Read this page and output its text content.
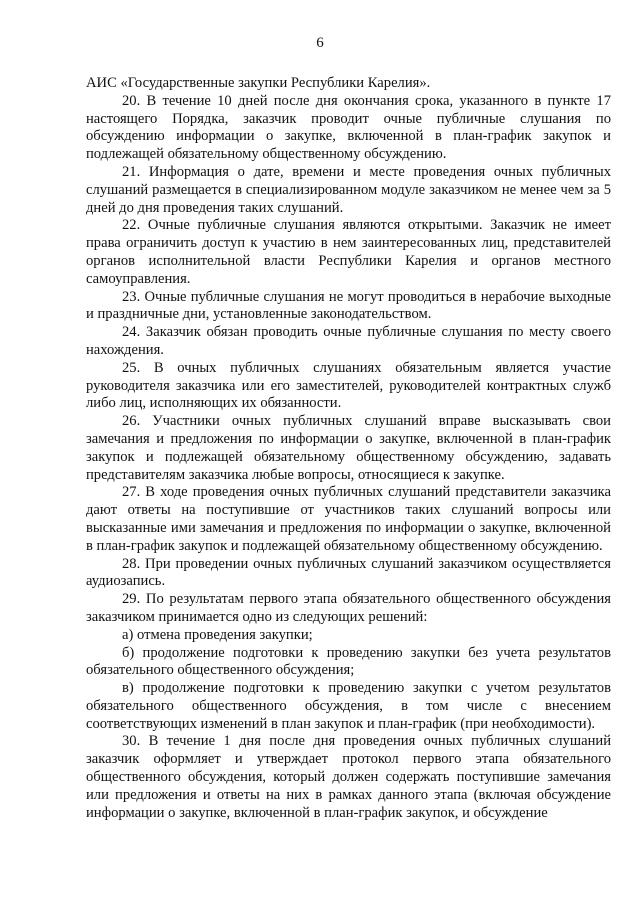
6

АИС «Государственные закупки Республики Карелия».

20. В течение 10 дней после дня окончания срока, указанного в пункте 17 настоящего Порядка, заказчик проводит очные публичные слушания по обсуждению информации о закупке, включенной в план-график закупок и подлежащей обязательному общественному обсуждению.

21. Информация о дате, времени и месте проведения очных публичных слушаний размещается в специализированном модуле заказчиком не менее чем за 5 дней до дня проведения таких слушаний.

22. Очные публичные слушания являются открытыми. Заказчик не имеет права ограничить доступ к участию в нем заинтересованных лиц, представителей органов исполнительной власти Республики Карелия и органов местного самоуправления.

23. Очные публичные слушания не могут проводиться в нерабочие выходные и праздничные дни, установленные законодательством.

24. Заказчик обязан проводить очные публичные слушания по месту своего нахождения.

25. В очных публичных слушаниях обязательным является участие руководителя заказчика или его заместителей, руководителей контрактных служб либо лиц, исполняющих их обязанности.

26. Участники очных публичных слушаний вправе высказывать свои замечания и предложения по информации о закупке, включенной в план-график закупок и подлежащей обязательному общественному обсуждению, задавать представителям заказчика любые вопросы, относящиеся к закупке.

27. В ходе проведения очных публичных слушаний представители заказчика дают ответы на поступившие от участников таких слушаний вопросы или высказанные ими замечания и предложения по информации о закупке, включенной в план-график закупок и подлежащей обязательному общественному обсуждению.

28. При проведении очных публичных слушаний заказчиком осуществляется аудиозапись.

29. По результатам первого этапа обязательного общественного обсуждения заказчиком принимается одно из следующих решений:

а) отмена проведения закупки;

б) продолжение подготовки к проведению закупки без учета результатов обязательного общественного обсуждения;

в) продолжение подготовки к проведению закупки с учетом результатов обязательного общественного обсуждения, в том числе с внесением соответствующих изменений в план закупок и план-график (при необходимости).

30. В течение 1 дня после дня проведения очных публичных слушаний заказчик оформляет и утверждает протокол первого этапа обязательного общественного обсуждения, который должен содержать поступившие замечания или предложения и ответы на них в рамках данного этапа (включая обсуждение информации о закупке, включенной в план-график закупок, и обсуждение
